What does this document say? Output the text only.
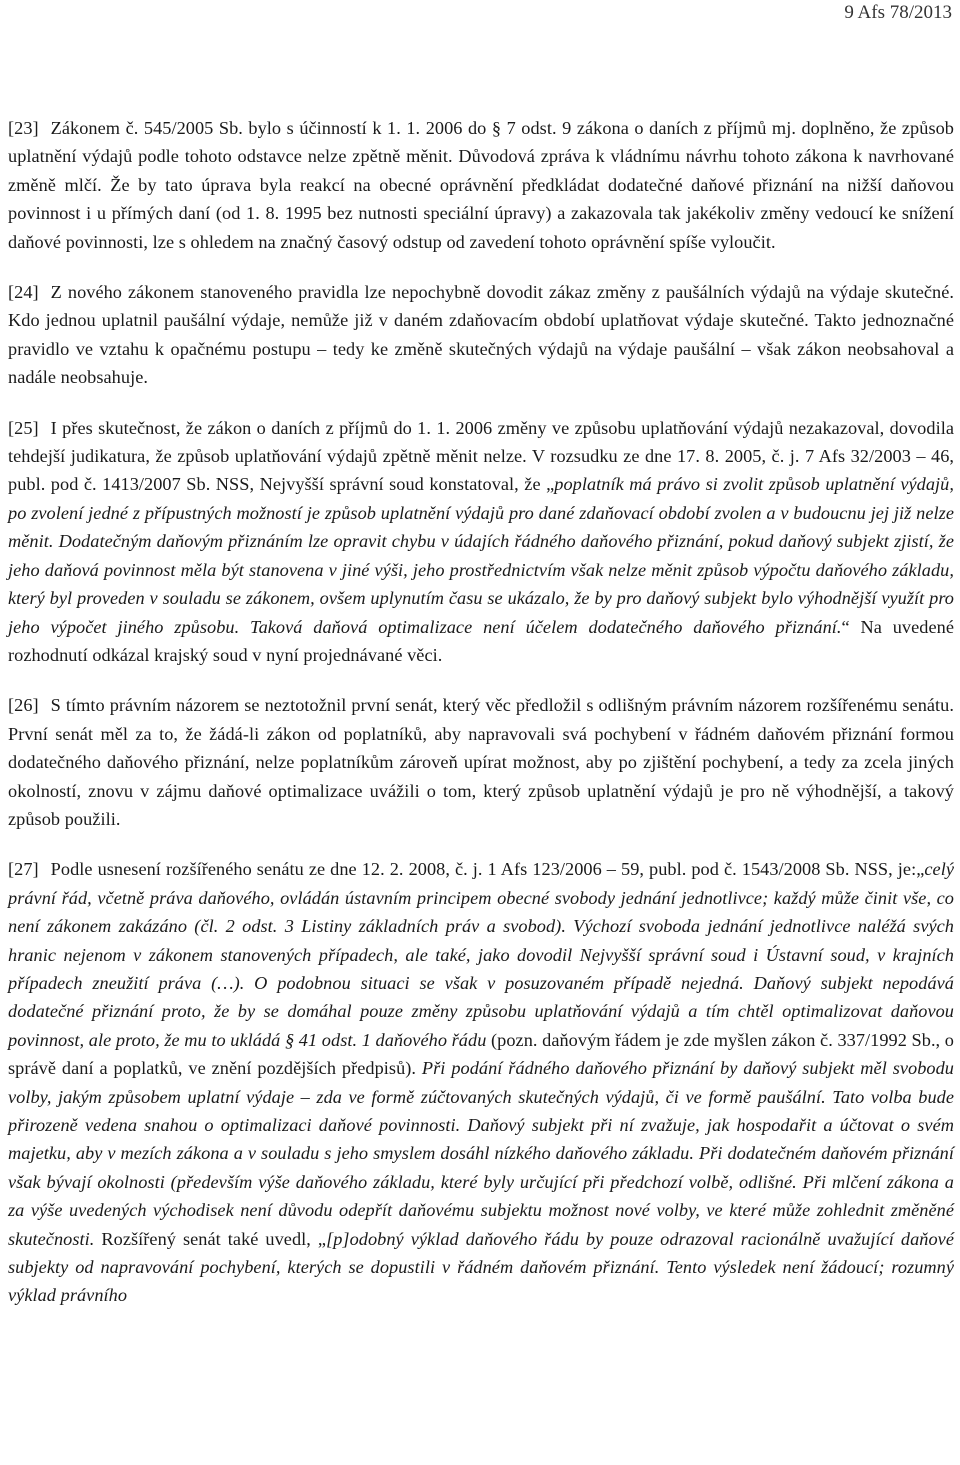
9 Afs 78/2013

[23] Zákonem č. 545/2005 Sb. bylo s účinností k 1. 1. 2006 do § 7 odst. 9 zákona o daních z příjmů mj. doplněno, že způsob uplatnění výdajů podle tohoto odstavce nelze zpětně měnit. Důvodová zpráva k vládnímu návrhu tohoto zákona k navrhované změně mlčí. Že by tato úprava byla reakcí na obecné oprávnění předkládat dodatečné daňové přiznání na nižší daňovou povinnost i u přímých daní (od 1. 8. 1995 bez nutnosti speciální úpravy) a zakazovala tak jakékoliv změny vedoucí ke snížení daňové povinnosti, lze s ohledem na značný časový odstup od zavedení tohoto oprávnění spíše vyloučit.

[24] Z nového zákonem stanoveného pravidla lze nepochybně dovodit zákaz změny z paušálních výdajů na výdaje skutečné. Kdo jednou uplatnil paušální výdaje, nemůže již v daném zdaňovacím období uplatňovat výdaje skutečné. Takto jednoznačné pravidlo ve vztahu k opačnému postupu – tedy ke změně skutečných výdajů na výdaje paušální – však zákon neobsahoval a nadále neobsahuje.

[25] I přes skutečnost, že zákon o daních z příjmů do 1. 1. 2006 změny ve způsobu uplatňování výdajů nezakazoval, dovodila tehdejší judikatura, že způsob uplatňování výdajů zpětně měnit nelze. V rozsudku ze dne 17. 8. 2005, č. j. 7 Afs 32/2003 – 46, publ. pod č. 1413/2007 Sb. NSS, Nejvyšší správní soud konstatoval, že „poplatník má právo si zvolit způsob uplatnění výdajů, po zvolení jedné z přípustných možností je způsob uplatnění výdajů pro dané zdaňovací období zvolen a v budoucnu jej již nelze měnit. Dodatečným daňovým přiznáním lze opravit chybu v údajích řádného daňového přiznání, pokud daňový subjekt zjistí, že jeho daňová povinnost měla být stanovena v jiné výši, jeho prostřednictvím však nelze měnit způsob výpočtu daňového základu, který byl proveden v souladu se zákonem, ovšem uplynutím času se ukázalo, že by pro daňový subjekt bylo výhodnější využít pro jeho výpočet jiného způsobu. Taková daňová optimalizace není účelem dodatečného daňového přiznání.“ Na uvedené rozhodnutí odkázal krajský soud v nyní projednávané věci.

[26] S tímto právním názorem se neztotožnil první senát, který věc předložil s odlišným právním názorem rozšířenému senátu. První senát měl za to, že žádá-li zákon od poplatníků, aby napravovali svá pochybení v řádném daňovém přiznání formou dodatečného daňového přiznání, nelze poplatníkům zároveň upírat možnost, aby po zjištění pochybení, a tedy za zcela jiných okolností, znovu v zájmu daňové optimalizace uvážili o tom, který způsob uplatnění výdajů je pro ně výhodnější, a takový způsob použili.

[27] Podle usnesení rozšířeného senátu ze dne 12. 2. 2008, č. j. 1 Afs 123/2006 – 59, publ. pod č. 1543/2008 Sb. NSS, je:„celý právní řád, včetně práva daňového, ovládán ústavním principem obecné svobody jednání jednotlivce; každý může činit vše, co není zákonem zakázáno (čl. 2 odst. 3 Listiny základních práv a svobod). Výchozí svoboda jednání jednotlivce naléžá svých hranic nejenom v zákonem stanovených případech, ale také, jako dovodil Nejvyšší správní soud i Ústavní soud, v krajních případech zneužití práva (…). O podobnou situaci se však v posuzovaném případě nejedná. Daňový subjekt nepodává dodatečné přiznání proto, že by se domáhal pouze změny způsobu uplatňování výdajů a tím chtěl optimalizovat daňovou povinnost, ale proto, že mu to ukládá § 41 odst. 1 daňového řádu (pozn. daňovým řádem je zde myšlen zákon č. 337/1992 Sb., o správě daní a poplatků, ve znění pozdějších předpisů). Při podání řádného daňového přiznání by daňový subjekt měl svobodu volby, jakým způsobem uplatní výdaje – zda ve formě zúčtovaných skutečných výdajů, či ve formě paušální. Tato volba bude přirozeně vedena snahou o optimalizaci daňové povinnosti. Daňový subjekt při ní zvažuje, jak hospodařit a účtovat o svém majetku, aby v mezích zákona a v souladu s jeho smyslem dosáhl nízkého daňového základu. Při dodatečném daňovém přiznání však bývají okolnosti (především výše daňového základu, které byly určující při předchozí volbě, odlišné. Při mlčení zákona a za výše uvedených východisek není důvodu odepřít daňovému subjektu možnost nové volby, ve které může zohlednit změněné skutečnosti. Rozšířený senát také uvedl, „[p]odobný výklad daňového řádu by pouze odrazoval racionálně uvažující daňové subjekty od napravování pochybení, kterých se dopustili v řádném daňovém přiznání. Tento výsledek není žádoucí; rozumný výklad právního
